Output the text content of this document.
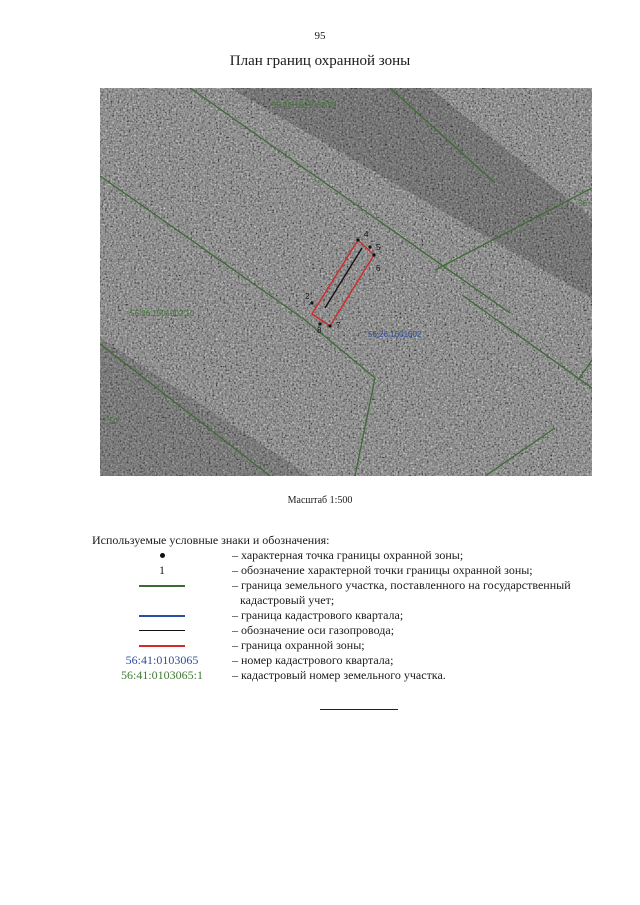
95
План границ охранной зоны
2
4
5
6
7
8
56:26:1501002:59
56:26:1501002:10
56:26:1501002
56
2:10
Масштаб 1:500
Используемые условные знаки и обозначения:
– характерная точка границы охранной зоны;
1	– обозначение характерной точки границы охранной зоны;
– граница земельного участка, поставленного на государственный
кадастровый учет;
– граница кадастрового квартала;
– обозначение оси газопровода;
– граница охранной зоны;
56:41:0103065	– номер кадастрового квартала;
56:41:0103065:1 – кадастровый номер земельного участка.
